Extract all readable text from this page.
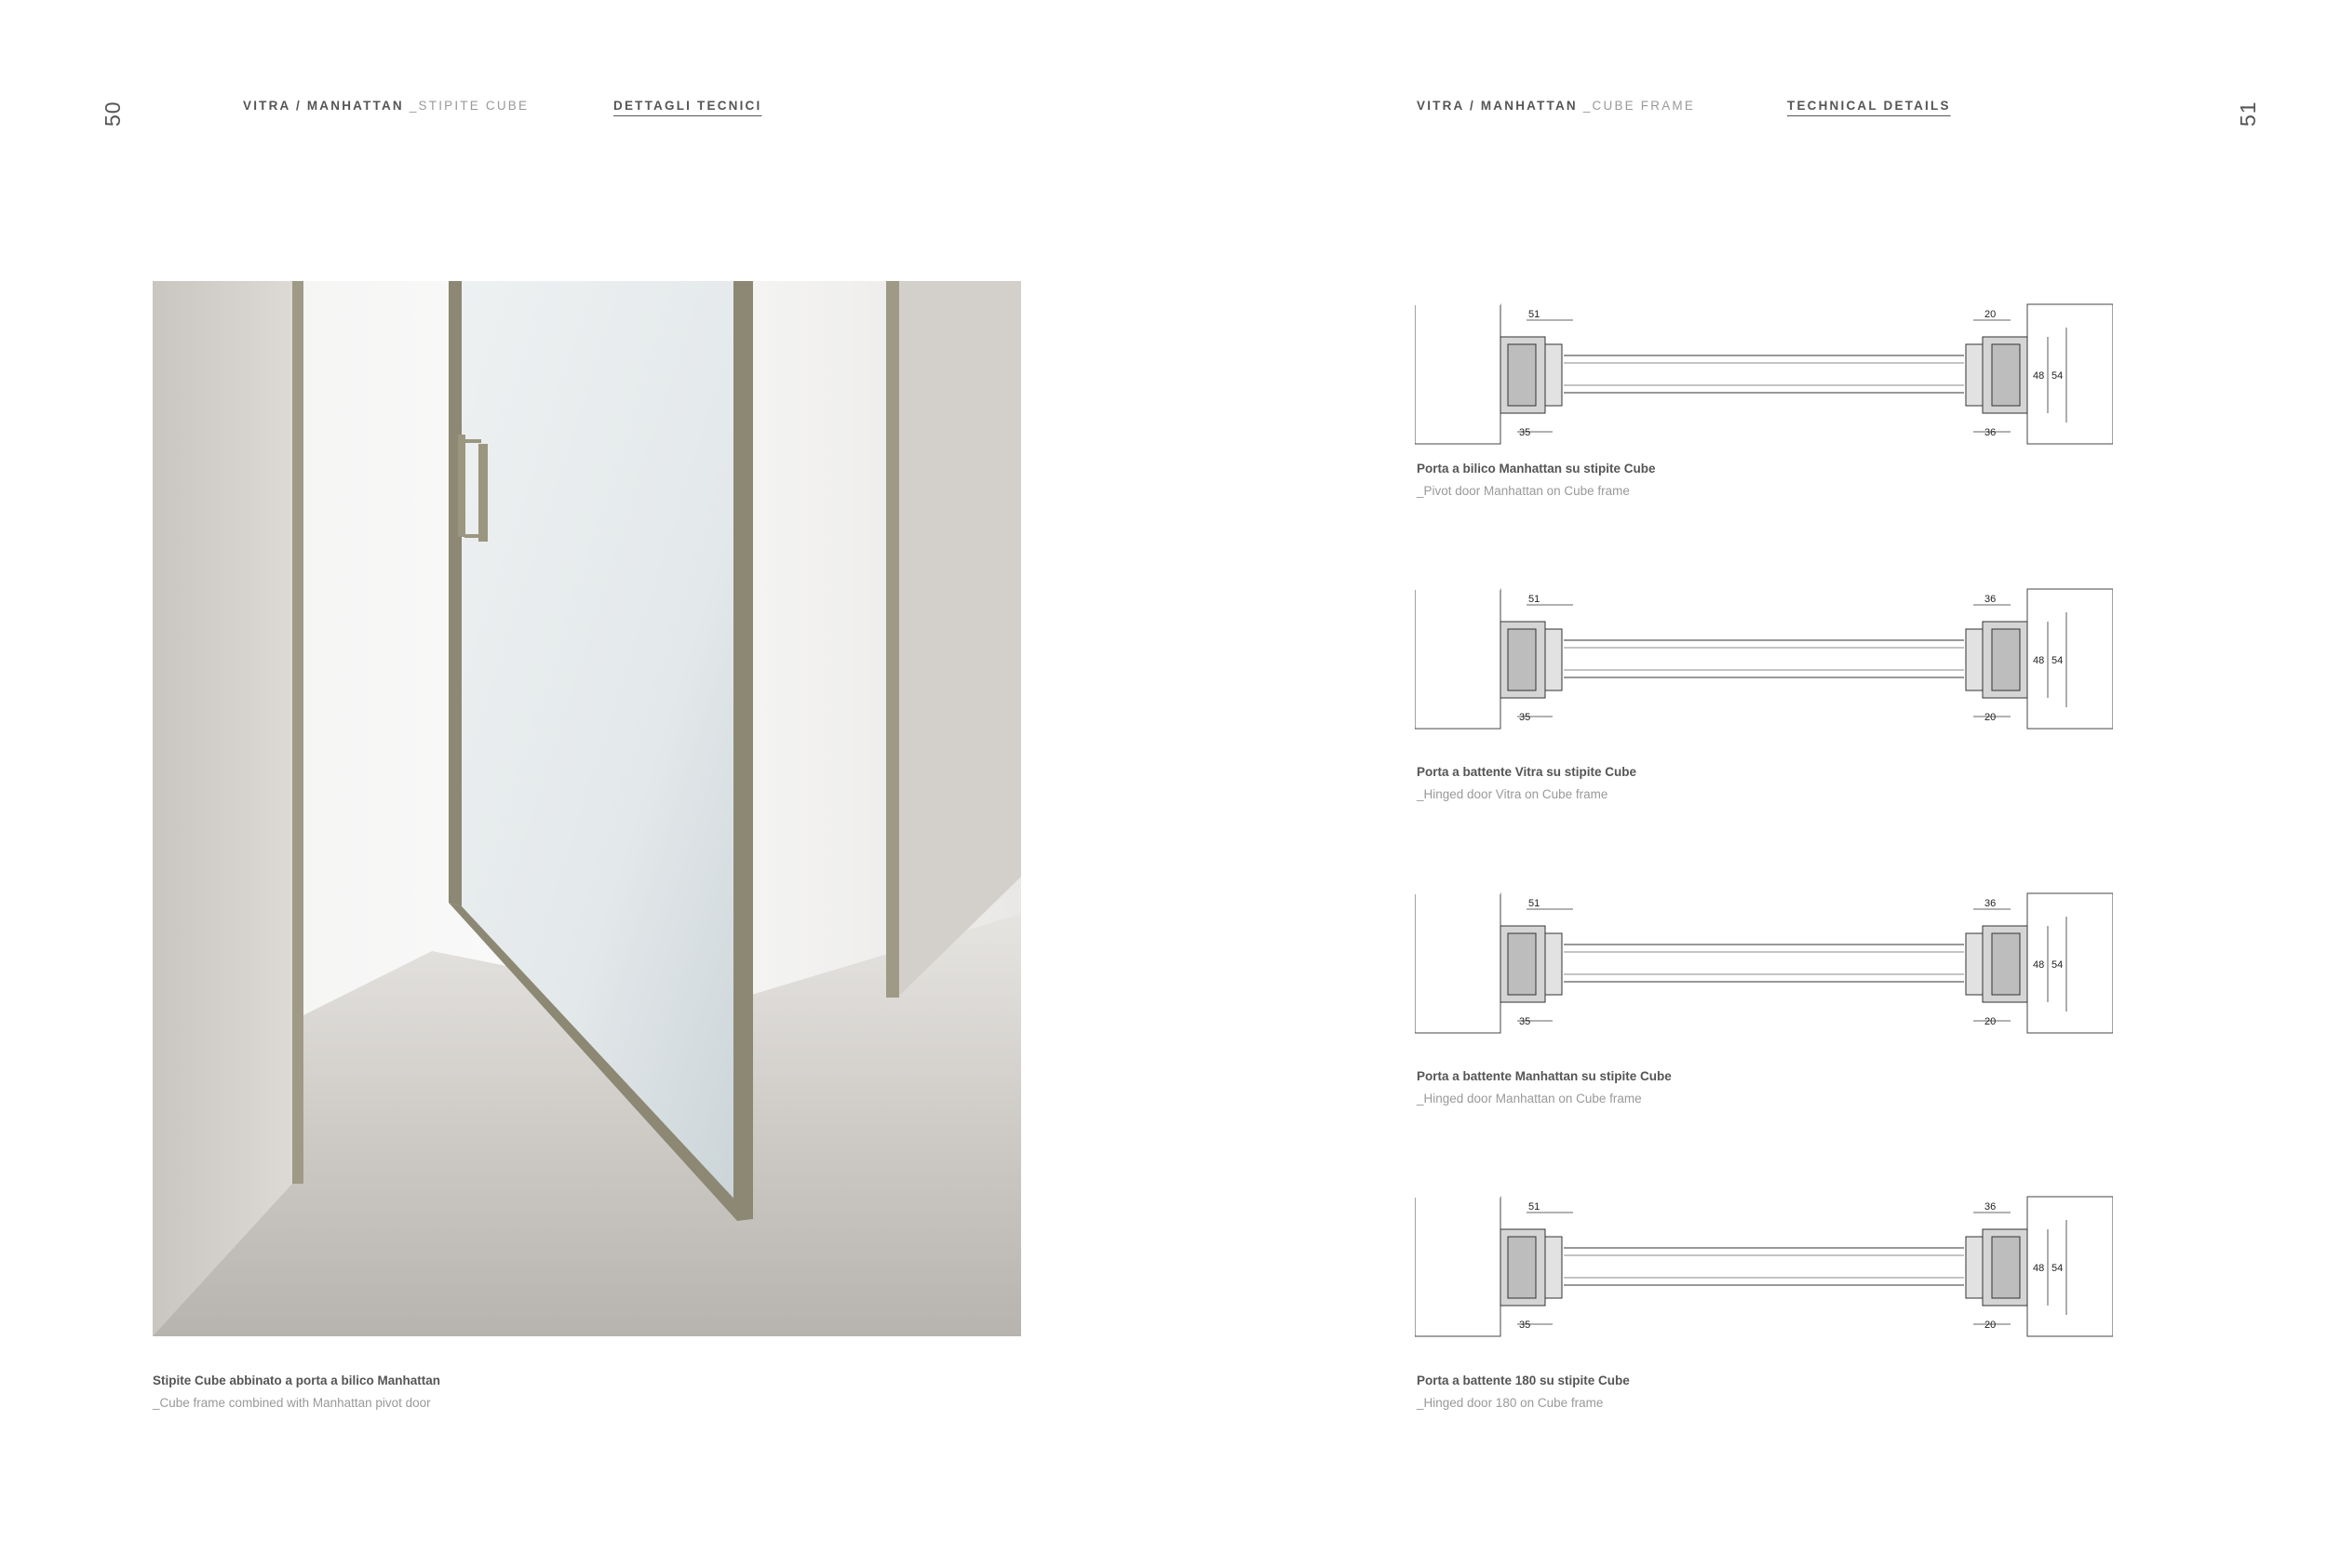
50	VITRA / MANHATTAN _STIPITE CUBE	DETTAGLI TECNICI
Stipite Cube abbinato a porta a bilico Manhattan
_Cube frame combined with Manhattan pivot door
VITRA / MANHATTAN _CUBE FRAME	TECHNICAL DETAILS	51
51
35
20
36
48 54
Porta a bilico Manhattan su stipite Cube
_Pivot door Manhattan on Cube frame
51
35
36
20
48 54
Porta a battente Vitra su stipite Cube
_Hinged door Vitra on Cube frame
51
35
36
20
48 54
Porta a battente Manhattan su stipite Cube
_Hinged door Manhattan on Cube frame
51
35
36
20
48 54
Porta a battente 180 su stipite Cube
_Hinged door 180 on Cube frame
